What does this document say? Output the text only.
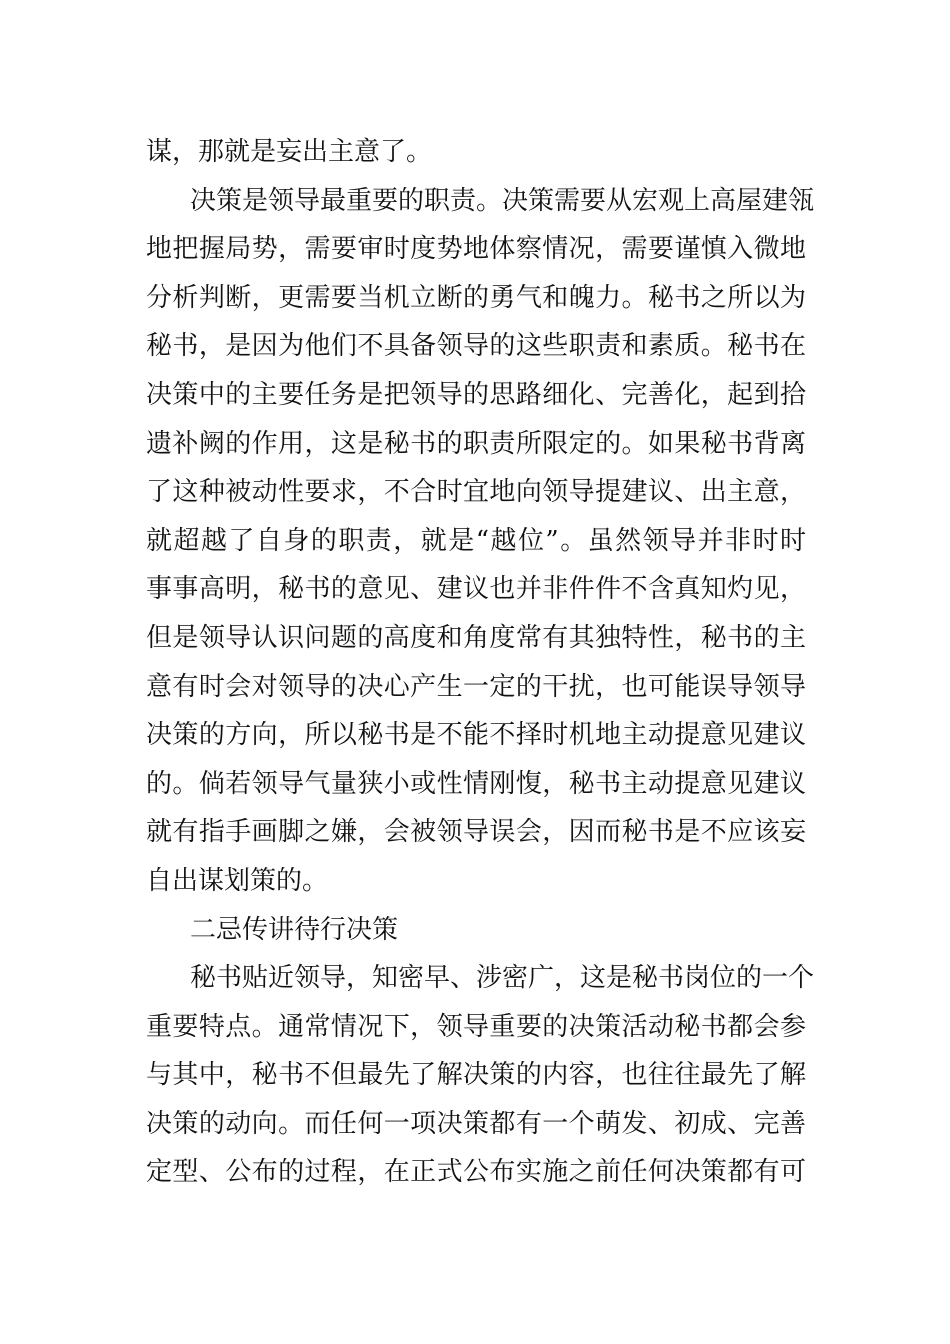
谋，那就是妄出主意了。
决策是领导最重要的职责。决策需要从宏观上高屋建瓴
地把握局势，需要审时度势地体察情况，需要谨慎入微地
分析判断，更需要当机立断的勇气和魄力。秘书之所以为
秘书，是因为他们不具备领导的这些职责和素质。秘书在
决策中的主要任务是把领导的思路细化、完善化，起到拾
遗补阙的作用，这是秘书的职责所限定的。如果秘书背离
了这种被动性要求，不合时宜地向领导提建议、出主意，
就超越了自身的职责，就是“越位”。虽然领导并非时时
事事高明，秘书的意见、建议也并非件件不含真知灼见，
但是领导认识问题的高度和角度常有其独特性，秘书的主
意有时会对领导的决心产生一定的干扰，也可能误导领导
决策的方向，所以秘书是不能不择时机地主动提意见建议
的。倘若领导气量狭小或性情刚愎，秘书主动提意见建议
就有指手画脚之嫌，会被领导误会，因而秘书是不应该妄
自出谋划策的。
二忌传讲待行决策
秘书贴近领导，知密早、涉密广，这是秘书岗位的一个
重要特点。通常情况下，领导重要的决策活动秘书都会参
与其中，秘书不但最先了解决策的内容，也往往最先了解
决策的动向。而任何一项决策都有一个萌发、初成、完善
定型、公布的过程，在正式公布实施之前任何决策都有可
